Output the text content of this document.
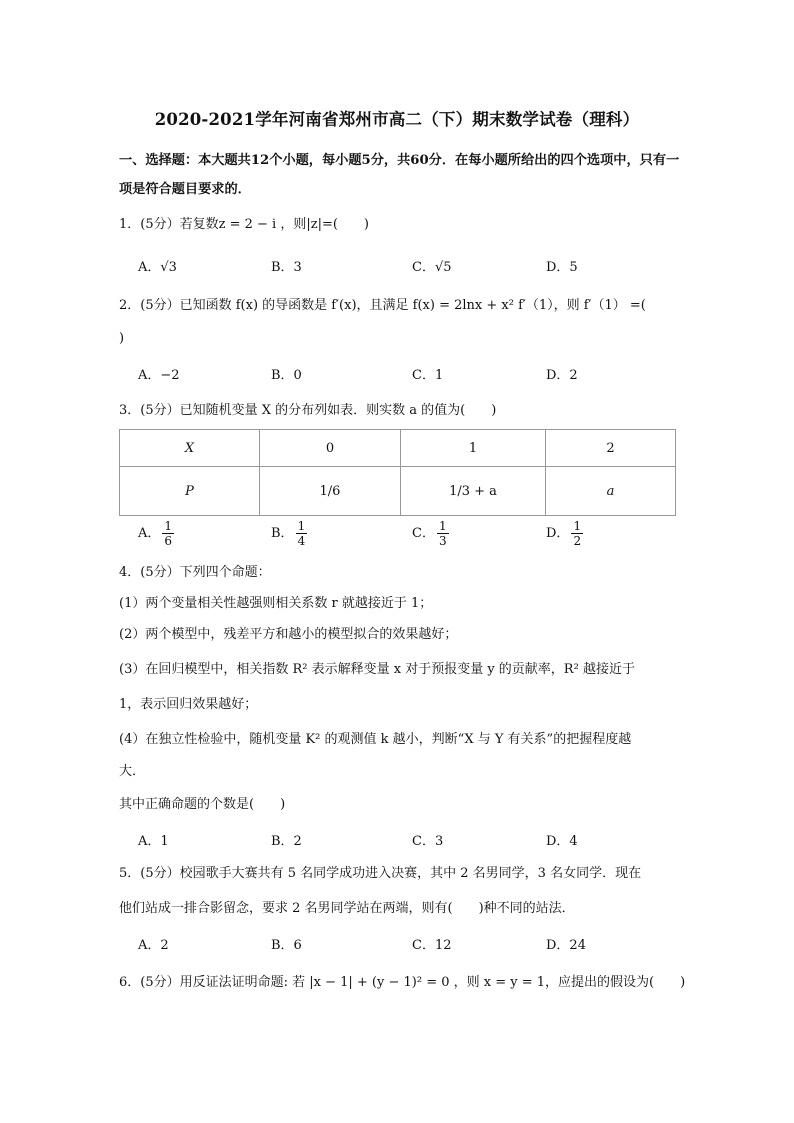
2020-2021学年河南省郑州市高二（下）期末数学试卷（理科）
一、选择题：本大题共12个小题，每小题5分，共60分．在每小题所给出的四个选项中，只有一项是符合题目要求的．
1．(5分）若复数z = 2 − i ，则|z|=(　　)
A．√3	B．3	C．√5	D．5
2．(5分）已知函数 f(x) 的导函数是 f′(x)，且满足 f(x) = 2lnx + x² f′（1），则 f′（1） =(
)
A．−2	B．0	C．1	D．2
3．(5分）已知随机变量 X 的分布列如表．则实数 a 的值为(　　)
X	0	1	2
P	1/6	1/3 + a	a
A． $\frac{1}{6}$	B． $\frac{1}{4}$	C． $\frac{1}{3}$	D． $\frac{1}{2}$
4．(5分）下列四个命题：
(1）两个变量相关性越强则相关系数 r 就越接近于 1；
(2）两个模型中，残差平方和越小的模型拟合的效果越好；
(3）在回归模型中，相关指数 R² 表示解释变量 x 对于预报变量 y 的贡献率，R² 越接近于
1，表示回归效果越好；
(4）在独立性检验中，随机变量 K² 的观测值 k 越小，判断“X 与 Y 有关系”的把握程度越
大．
其中正确命题的个数是(　　)
A．1	B．2	C．3	D．4
5．(5分）校园歌手大赛共有 5 名同学成功进入决赛，其中 2 名男同学，3 名女同学．现在
他们站成一排合影留念，要求 2 名男同学站在两端，则有(　　)种不同的站法．
A．2	B．6	C．12	D．24
6．(5分）用反证法证明命题: 若 |x − 1| + (y − 1)² = 0 ，则 x = y = 1，应提出的假设为(　　)
